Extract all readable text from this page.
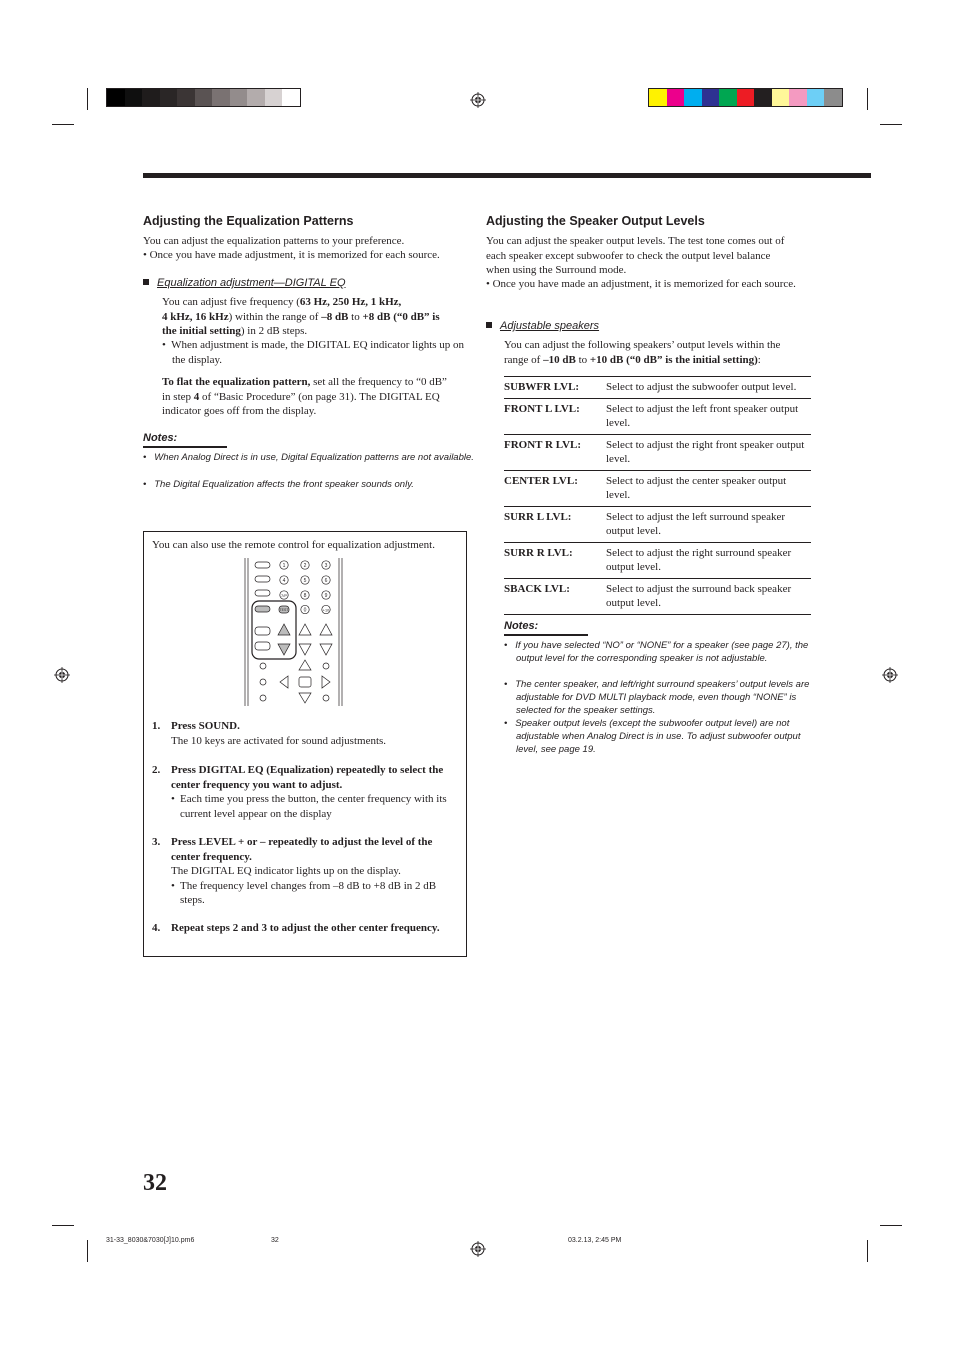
Adjusting the Equalization Patterns

You can adjust the equalization patterns to your preference.

• Once you have made adjustment, it is memorized for each source.
Equalization adjustment—DIGITAL EQ
You can adjust five frequency (63 Hz, 250 Hz, 1 kHz,
4 kHz, 16 kHz) within the range of –8 dB to +8 dB (“0 dB” is
the initial setting) in 2 dB steps.
•  When adjustment is made, the DIGITAL EQ indicator lights up on the display.
To flat the equalization pattern, set all the frequency to “0 dB”
in step 4 of “Basic Procedure” (on page 31). The DIGITAL EQ
indicator goes off from the display.
Notes:
•   When Analog Direct is in use, Digital Equalization patterns are not available.
•   The Digital Equalization affects the front speaker sounds only.

You can also use the remote control for equalization adjustment.

1	2	3
4	5	6
7/P	8	9
TEST	0	+10
1. Press SOUND.
The 10 keys are activated for sound adjustments.
2. Press DIGITAL EQ (Equalization) repeatedly to select the center frequency you want to adjust.
• Each time you press the button, the center frequency with its current level appear on the display
3. Press LEVEL + or – repeatedly to adjust the level of the center frequency.
The DIGITAL EQ indicator lights up on the display.
• The frequency level changes from –8 dB to +8 dB in 2 dB steps.
4. Repeat steps 2 and 3 to adjust the other center frequency.
Adjusting the Speaker Output Levels
You can adjust the speaker output levels. The test tone comes out of
each speaker except subwoofer to check the output level balance
when using the Surround mode.
• Once you have made an adjustment, it is memorized for each source.
Adjustable speakers
You can adjust the following speakers’ output levels within the
range of –10 dB to +10 dB (“0 dB” is the initial setting):
SUBWFR LVL:	Select to adjust the subwoofer output level.
FRONT L LVL:	Select to adjust the left front speaker output level.
FRONT R LVL:	Select to adjust the right front speaker output level.
CENTER LVL:	Select to adjust the center speaker output level.
SURR L LVL:	Select to adjust the left surround speaker output level.
SURR R LVL:	Select to adjust the right surround speaker output level.
SBACK LVL:	Select to adjust the surround back speaker output level.
Notes:
•   If you have selected “NO” or “NONE” for a speaker (see page 27), the output level for the corresponding speaker is not adjustable.
•   The center speaker, and left/right surround speakers’ output levels are adjustable for DVD MULTI playback mode, even though “NONE” is selected for the speaker settings.
•   Speaker output levels (except the subwoofer output level) are not adjustable when Analog Direct is in use. To adjust subwoofer output level, see page 19.
32
31-33_8030&7030[J]10.pm6	32	03.2.13, 2:45 PM
